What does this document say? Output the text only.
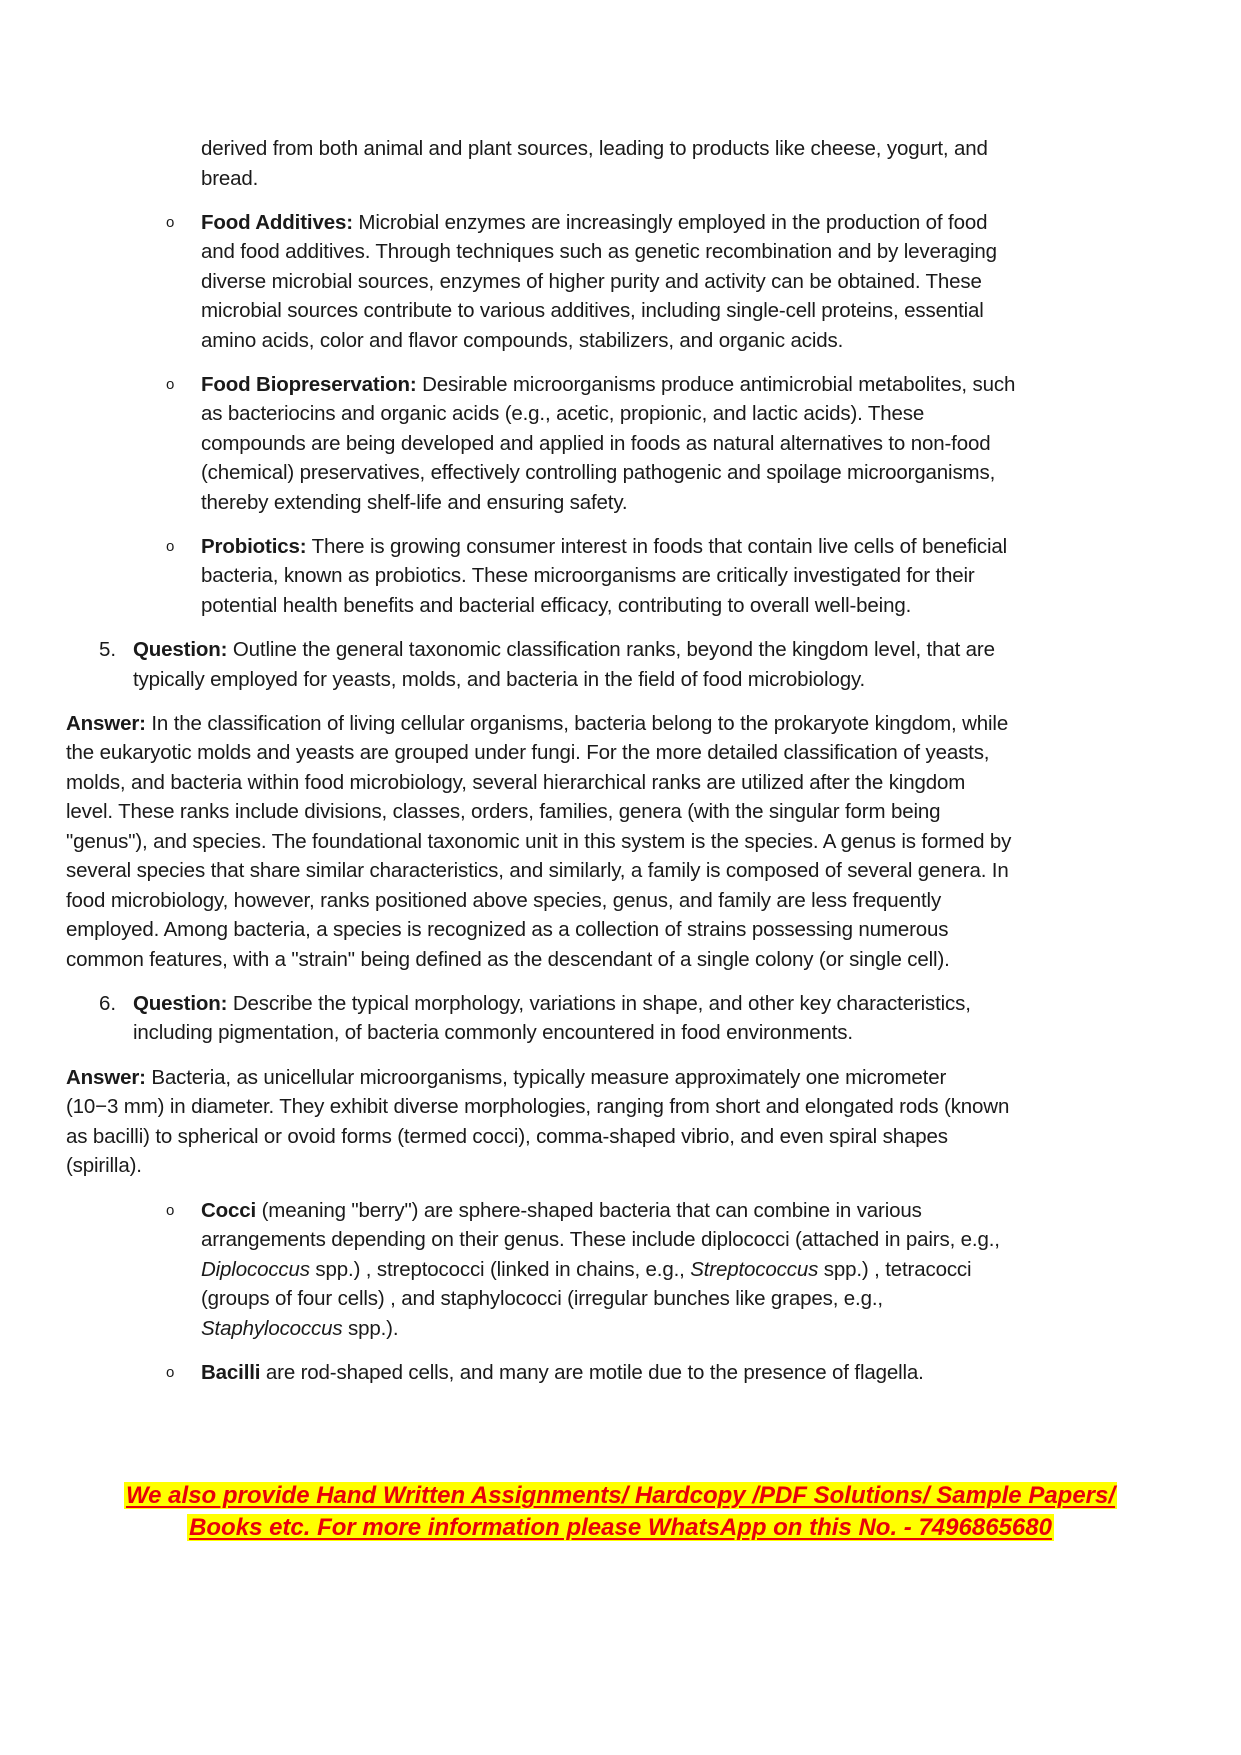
derived from both animal and plant sources, leading to products like cheese, yogurt, and
bread.
o Food Additives: Microbial enzymes are increasingly employed in the production of food
and food additives. Through techniques such as genetic recombination and by leveraging
diverse microbial sources, enzymes of higher purity and activity can be obtained. These
microbial sources contribute to various additives, including single-cell proteins, essential
amino acids, color and flavor compounds, stabilizers, and organic acids.
o Food Biopreservation: Desirable microorganisms produce antimicrobial metabolites, such
as bacteriocins and organic acids (e.g., acetic, propionic, and lactic acids). These
compounds are being developed and applied in foods as natural alternatives to non-food
(chemical) preservatives, effectively controlling pathogenic and spoilage microorganisms,
thereby extending shelf-life and ensuring safety.
o Probiotics: There is growing consumer interest in foods that contain live cells of beneficial
bacteria, known as probiotics. These microorganisms are critically investigated for their
potential health benefits and bacterial efficacy, contributing to overall well-being.
5. Question: Outline the general taxonomic classification ranks, beyond the kingdom level, that are
typically employed for yeasts, molds, and bacteria in the field of food microbiology.
Answer: In the classification of living cellular organisms, bacteria belong to the prokaryote kingdom, while
the eukaryotic molds and yeasts are grouped under fungi. For the more detailed classification of yeasts,
molds, and bacteria within food microbiology, several hierarchical ranks are utilized after the kingdom
level. These ranks include divisions, classes, orders, families, genera (with the singular form being
"genus"), and species. The foundational taxonomic unit in this system is the species. A genus is formed by
several species that share similar characteristics, and similarly, a family is composed of several genera. In
food microbiology, however, ranks positioned above species, genus, and family are less frequently
employed. Among bacteria, a species is recognized as a collection of strains possessing numerous
common features, with a "strain" being defined as the descendant of a single colony (or single cell).
6. Question: Describe the typical morphology, variations in shape, and other key characteristics,
including pigmentation, of bacteria commonly encountered in food environments.
Answer: Bacteria, as unicellular microorganisms, typically measure approximately one micrometer
(10−3 mm) in diameter. They exhibit diverse morphologies, ranging from short and elongated rods (known
as bacilli) to spherical or ovoid forms (termed cocci), comma-shaped vibrio, and even spiral shapes
(spirilla).
o Cocci (meaning "berry") are sphere-shaped bacteria that can combine in various
arrangements depending on their genus. These include diplococci (attached in pairs, e.g.,
Diplococcus spp.) , streptococci (linked in chains, e.g., Streptococcus spp.) , tetracocci
(groups of four cells) , and staphylococci (irregular bunches like grapes, e.g.,
Staphylococcus spp.).
o Bacilli are rod-shaped cells, and many are motile due to the presence of flagella.
We also provide Hand Written Assignments/ Hardcopy /PDF Solutions/ Sample Papers/
Books etc. For more information please WhatsApp on this No. - 7496865680
